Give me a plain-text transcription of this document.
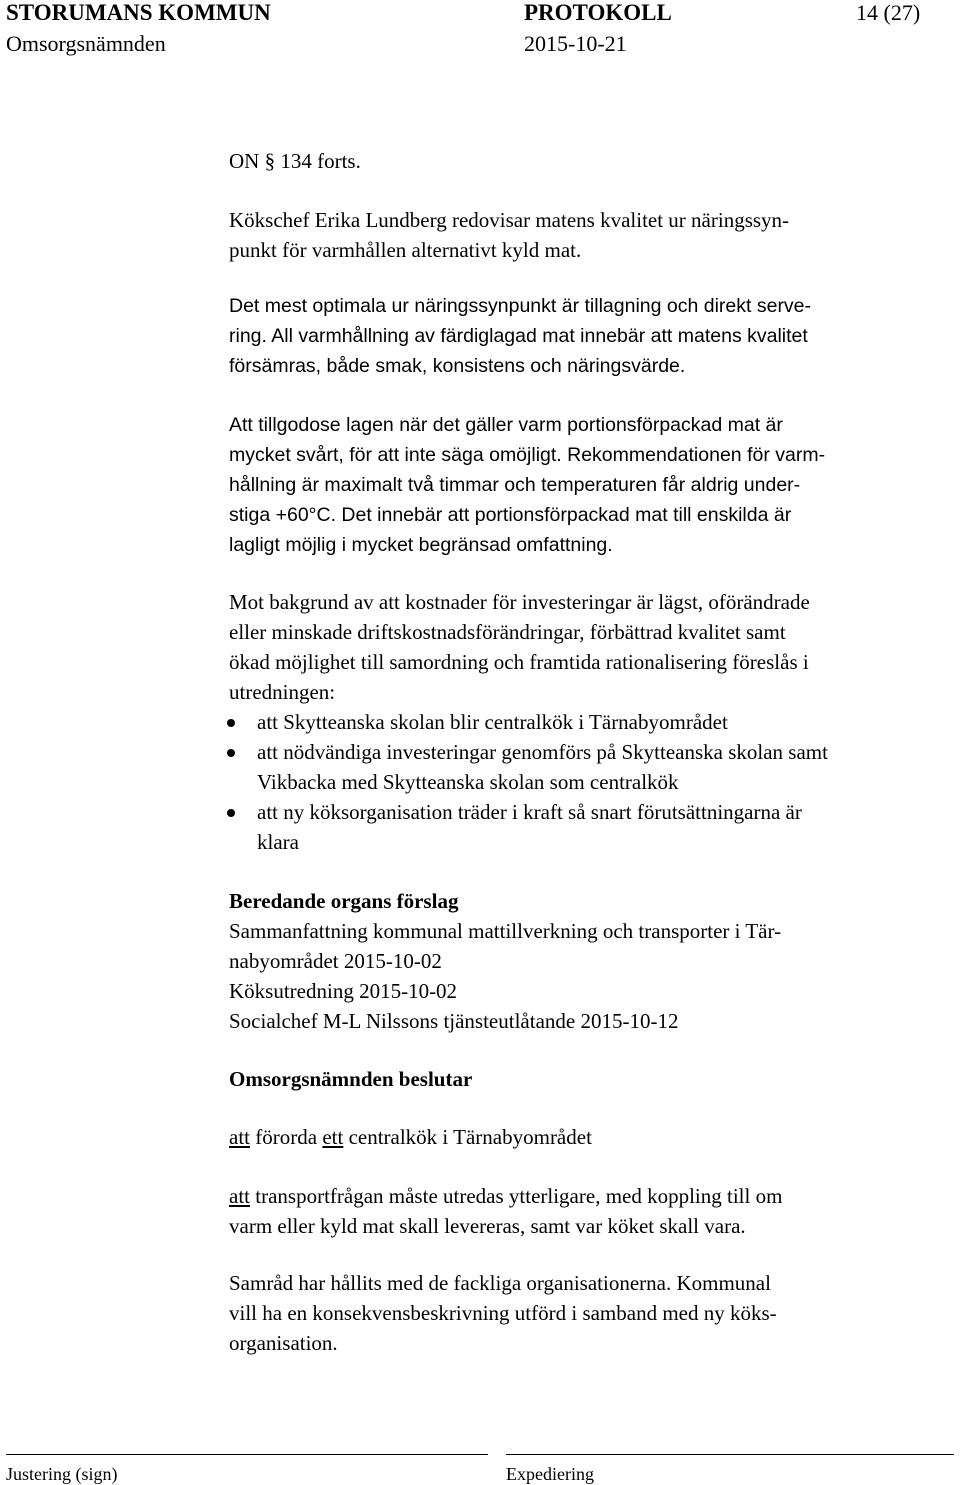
STORUMANS KOMMUN	PROTOKOLL	14 (27)
Omsorgsnämnden	2015-10-21
ON § 134 forts.
Kökschef Erika Lundberg redovisar matens kvalitet ur näringssyn-
punkt för varmhållen alternativt kyld mat.
Det mest optimala ur näringssynpunkt är tillagning och direkt serve-
ring. All varmhållning av färdiglagad mat innebär att matens kvalitet
försämras, både smak, konsistens och näringsvärde.
Att tillgodose lagen när det gäller varm portionsförpackad mat är
mycket svårt, för att inte säga omöjligt. Rekommendationen för varm-
hållning är maximalt två timmar och temperaturen får aldrig under-
stiga +60°C. Det innebär att portionsförpackad mat till enskilda är
lagligt möjlig i mycket begränsad omfattning.
Mot bakgrund av att kostnader för investeringar är lägst, oförändrade
eller minskade driftskostnadsförändringar, förbättrad kvalitet samt
ökad möjlighet till samordning och framtida rationalisering föreslås i
utredningen:
att Skytteanska skolan blir centralkök i Tärnabyområdet
att nödvändiga investeringar genomförs på Skytteanska skolan samt
Vikbacka med Skytteanska skolan som centralkök
att ny köksorganisation träder i kraft så snart förutsättningarna är
klara
Beredande organs förslag
Sammanfattning kommunal mattillverkning och transporter i Tär-
nabyområdet 2015-10-02
Köksutredning 2015-10-02
Socialchef M-L Nilssons tjänsteutlåtande 2015-10-12
Omsorgsnämnden beslutar
att förorda ett centralkök i Tärnabyområdet
att transportfrågan måste utredas ytterligare, med koppling till om
varm eller kyld mat skall levereras, samt var köket skall vara.
Samråd har hållits med de fackliga organisationerna. Kommunal
vill ha en konsekvensbeskrivning utförd i samband med ny köks-
organisation.
Justering (sign)	Expediering
